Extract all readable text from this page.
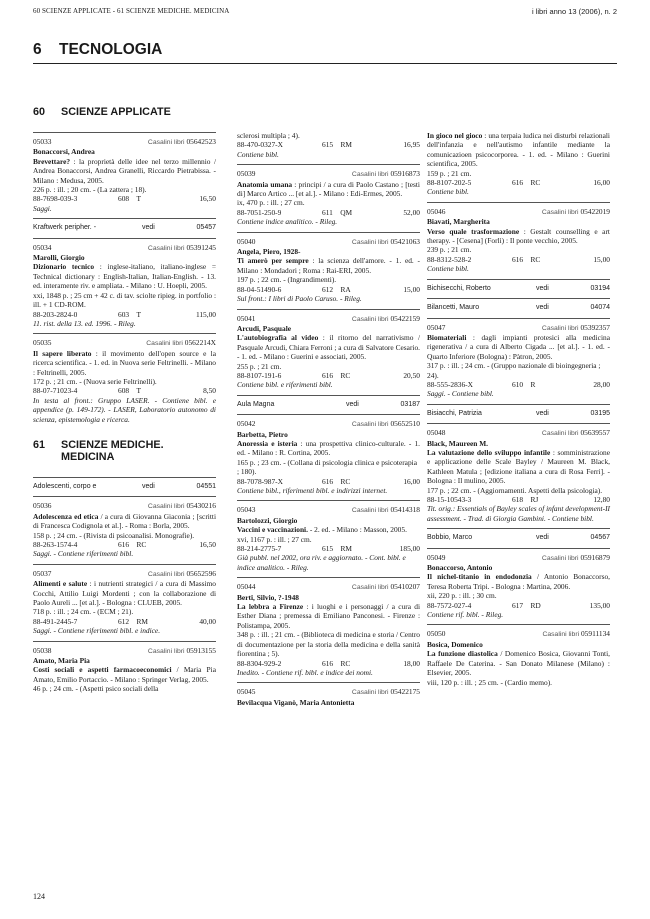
60 SCIENZE APPLICATE - 61 SCIENZE MEDICHE. MEDICINA	i libri anno 13 (2006), n. 2
6 TECNOLOGIA
60	SCIENZE APPLICATE
05033	Casalini libri 05642523
Bonaccorsi, Andrea
Brevettare? : la proprietà delle idee nel terzo millennio / Andrea Bonaccorsi, Andrea Granelli, Riccardo Pietrabissa. - Milano : Medusa, 2005.
226 p. : ill. ; 20 cm. - (La zattera ; 18).
88-7698-039-3	608 T	16,50
Saggi.
Kraftwerk peripher. -	vedi	05457
05034	Casalini libri 05391245
Marolli, Giorgio
Dizionario tecnico : inglese-italiano, italiano-inglese = Technical dictionary : English-Italian, Italian-English. - 13. ed. interamente riv. e ampliata. - Milano : U. Hoepli, 2005.
xxi, 1848 p. ; 25 cm + 42 c. di tav. sciolte ripieg. in portfolio : ill. + 1 CD-ROM.
88-203-2824-0	603 T	115,00
11. rist. della 13. ed. 1996. - Rileg.
05035	Casalini libri 0562214X
Il sapere liberato : il movimento dell'open source e la ricerca scientifica. - 1. ed. in Nuova serie Feltrinelli. - Milano : Feltrinelli, 2005.
172 p. ; 21 cm. - (Nuova serie Feltrinelli).
88-07-71023-4	608 T	8,50
In testa al front.: Gruppo LASER. - Contiene bibl. e appendice (p. 149-172). - LASER, Laboratorio autonomo di scienza, epistemologia e ricerca.
61	SCIENZE MEDICHE. MEDICINA
Adolescenti, corpo e	vedi	04551
05036	Casalini libri 05430216
Adolescenza ed etica / a cura di Giovanna Giaconia ; [scritti di Francesca Codignola et al.]. - Roma : Borla, 2005.
158 p. ; 24 cm. - (Rivista di psicoanalisi. Monografie).
88-263-1574-4	616 RC	16,50
Saggi. - Contiene riferimenti bibl.
05037	Casalini libri 05652596
Alimenti e salute : i nutrienti strategici / a cura di Massimo Cocchi, Attilio Luigi Mordenti ; con la collaborazione di Paolo Aureli ... [et al.]. - Bologna : CLUEB, 2005.
718 p. : ill. ; 24 cm. - (ECM ; 21).
88-491-2445-7	612 RM	40,00
Saggi. - Contiene riferimenti bibl. e indice.
05038	Casalini libri 05913155
Amato, Maria Pia
Costi sociali e aspetti farmacoeconomici / Maria Pia Amato, Emilio Portaccio. - Milano : Springer Verlag, 2005.
46 p. ; 24 cm. - (Aspetti psico sociali della
sclerosi multipla ; 4).
88-470-0327-X	615 RM	16,95
Contiene bibl.
05039	Casalini libri 05916873
Anatomia umana : principi / a cura di Paolo Castano ; [testi di] Marco Artico ... [et al.]. - Milano : Edi-Ermes, 2005.
ix, 470 p. : ill. ; 27 cm.
88-7051-250-9	611 QM	52,00
Contiene indice analitico. - Rileg.
05040	Casalini libri 05421063
Angela, Piero, 1928-
Ti amerò per sempre : la scienza dell'amore. - 1. ed. - Milano : Mondadori ; Roma : Rai-ERI, 2005.
197 p. ; 22 cm. - (Ingrandimenti).
88-04-51490-6	612 RA	15,00
Sul front.: I libri di Paolo Caruso. - Rileg.
05041	Casalini libri 05422159
Arcudi, Pasquale
L'autobiografia al video : il ritorno del narrativismo / Pasquale Arcudi, Chiara Ferroni ; a cura di Salvatore Cesario. - 1. ed. - Milano : Guerini e associati, 2005.
255 p. ; 21 cm.
88-8107-191-6	616 RC	20,50
Contiene bibl. e riferimenti bibl.
Aula Magna	vedi	03187
05042	Casalini libri 05652510
Barbetta, Pietro
Anoressia e isteria : una prospettiva clinico-culturale. - 1. ed. - Milano : R. Cortina, 2005.
165 p. ; 23 cm. - (Collana di psicologia clinica e psicoterapia ; 180).
88-7078-987-X	616 RC	16,00
Contiene bibl., riferimenti bibl. e indirizzi internet.
05043	Casalini libri 05414318
Bartolozzi, Giorgio
Vaccini e vaccinazioni. - 2. ed. - Milano : Masson, 2005.
xvi, 1167 p. : ill. ; 27 cm.
88-214-2775-7	615 RM	185,00
Già pubbl. nel 2002, ora riv. e aggiornato. - Cont. bibl. e indice analitico. - Rileg.
05044	Casalini libri 05410207
Berti, Silvio, ?-1948
La lebbra a Firenze : i luoghi e i personaggi / a cura di Esther Diana ; premessa di Emiliano Panconesi. - Firenze : Polistampa, 2005.
348 p. : ill. ; 21 cm. - (Biblioteca di medicina e storia / Centro di documentazione per la storia della medicina e della sanità fiorentina ; 5).
88-8304-929-2	616 RC	18,00
Inedito. - Contiene rif. bibl. e indice dei nomi.
05045	Casalini libri 05422175
Bevilacqua Viganò, Maria Antonietta
In gioco nel gioco : una terpaia ludica nei disturbi relazionali dell'infanzia e nell'autismo infantile mediante la comunicazioen psicocorporea. - 1. ed. - Milano : Guerini scientifica, 2005.
159 p. ; 21 cm.
88-8107-202-5	616 RC	16,00
Contiene bibl.
05046	Casalini libri 05422019
Biavati, Margherita
Verso quale trasformazione : Gestalt counselling e art therapy. - [Cesena] (Forlì) : Il ponte vecchio, 2005.
239 p. ; 21 cm.
88-8312-528-2	616 RC	15,00
Contiene bibl.
Bichisecchi, Roberto	vedi	03194
Bilancetti, Mauro	vedi	04074
05047	Casalini libri 05392357
Biomateriali : dagli impianti protesici alla medicina rigenerativa / a cura di Alberto Cigada ... [et al.]. - 1. ed. - Quarto Inferiore (Bologna) : Pàtron, 2005.
317 p. : ill. ; 24 cm. - (Gruppo nazionale di bioingegneria ; 24).
88-555-2836-X	610 R	28,00
Saggi. - Contiene bibl.
Bisiacchi, Patrizia	vedi	03195
05048	Casalini libri 05639557
Black, Maureen M.
La valutazione dello sviluppo infantile : somministrazione e applicazione delle Scale Bayley / Maureen M. Black, Kathleen Matula ; [edizione italiana a cura di Rosa Ferri]. - Bologna : Il mulino, 2005.
177 p. ; 22 cm. - (Aggiornamenti. Aspetti della psicologia).
88-15-10543-3	618 RJ	12,80
Tit. orig.: Essentials of Bayley scales of infant development-II assessment. - Trad. di Giorgia Gambini. - Contiene bibl.
Bobbio, Marco	vedi	04567
05049	Casalini libri 05916879
Bonaccorso, Antonio
Il nichel-titanio in endodonzia / Antonio Bonaccorso, Teresa Roberta Tripi. - Bologna : Martina, 2006.
xii, 220 p. : ill. ; 30 cm.
88-7572-027-4	617 RD	135,00
Contiene rif. bibl. - Rileg.
05050	Casalini libri 05911134
Bosica, Domenico
La funzione diastolica / Domenico Bosica, Giovanni Tonti, Raffaele De Caterina. - San Donato Milanese (Milano) : Elsevier, 2005.
viii, 120 p. : ill. ; 25 cm. - (Cardio memo).
124
